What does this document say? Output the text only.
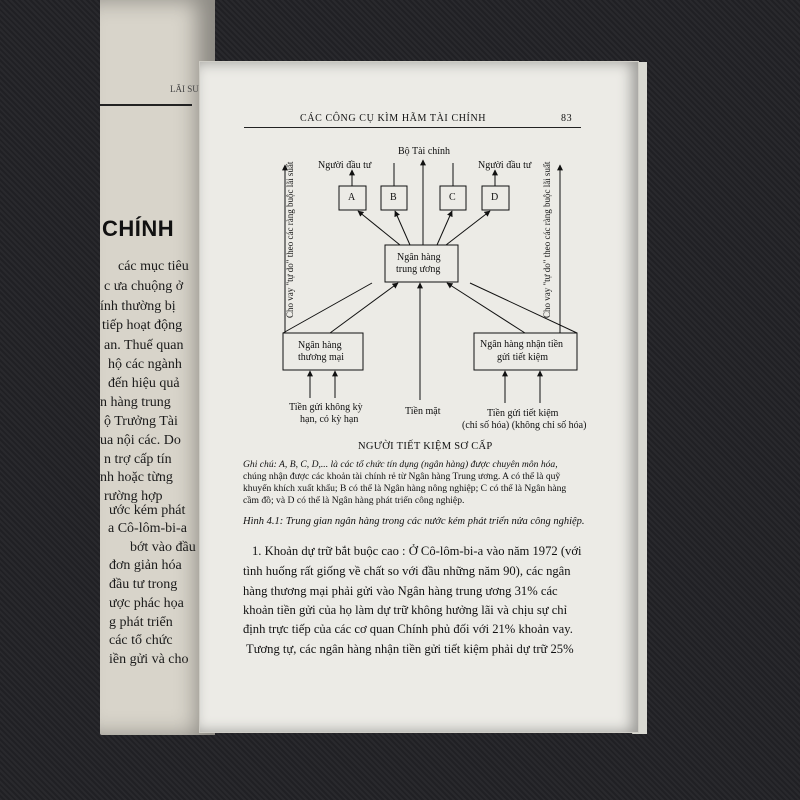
LÃI SU
CHÍNH
các mục tiêu
c ưa chuộng ở
ính thường bị
tiếp hoạt động
an. Thuế quan
hộ các ngành
đến hiệu quả
n hàng trung
ộ Trưởng Tài
ua nội các. Do
n trợ cấp tín
nh hoặc từng
rường hợp
ước kém phát
a Cô-lôm-bi-a
bớt vào đầu
đơn giản hóa
đầu tư trong
ược phác họa
g phát triển
các tổ chức
iền gửi và cho
CÁC CÔNG CỤ KÌM HÃM TÀI CHÍNH	83
Bộ Tài chính
Người đầu tư	Người đầu tư
A	B	C	D
Ngân hàng
trung ương
Ngân hàng
thương mại
Ngân hàng nhận tiền
gửi tiết kiệm
Cho vay "tự do" theo các ràng buộc lãi suất	Cho vay "tự do" theo các ràng buộc lãi suất
Tiền gửi không kỳ
hạn, có kỳ hạn
Tiền mặt	Tiền gửi tiết kiệm
(chỉ số hóa) (không chỉ số hóa)
NGƯỜI TIẾT KIỆM SƠ CẤP
Ghi chú: A, B, C, D,... là các tổ chức tín dụng (ngân hàng) được chuyên môn hóa,
chúng nhận được các khoản tài chính rẻ từ Ngân hàng Trung ương. A có thể là quỹ
khuyến khích xuất khẩu; B có thể là Ngân hàng nông nghiệp; C có thể là Ngân hàng
cầm đồ; và D có thể là Ngân hàng phát triển công nghiệp.
Hình 4.1: Trung gian ngân hàng trong các nước kém phát triển nửa công nghiệp.
1. Khoản dự trữ bắt buộc cao : Ở Cô-lôm-bi-a vào năm 1972 (với
tình huống rất giống về chất so với đầu những năm 90), các ngân
hàng thương mại phải gửi vào Ngân hàng trung ương 31% các
khoản tiền gửi của họ làm dự trữ không hưởng lãi và chịu sự chỉ
định trực tiếp của các cơ quan Chính phủ đối với 21% khoản vay.
Tương tự, các ngân hàng nhận tiền gửi tiết kiệm phải dự trữ 25%
